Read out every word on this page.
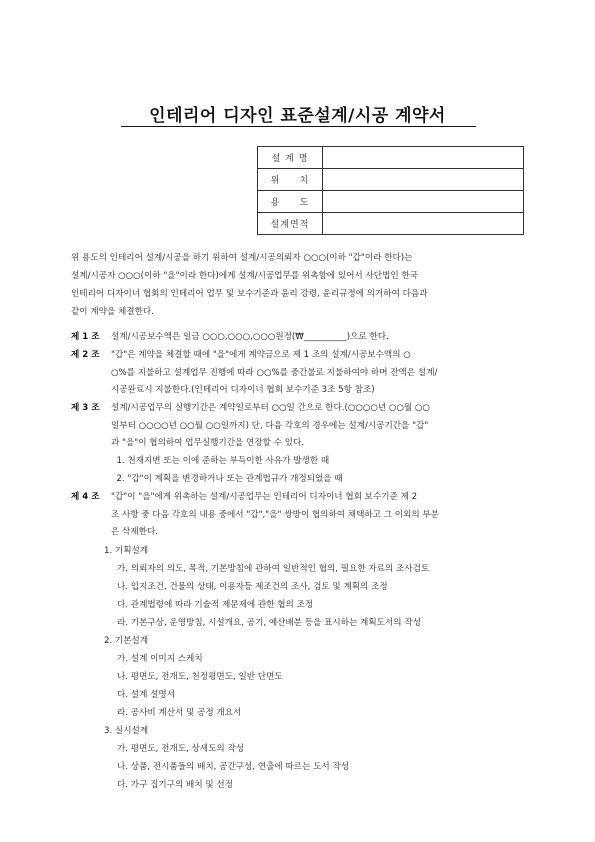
인테리어 디자인 표준설계/시공 계약서
설 계 명	
위     치	
용     도	
설계면적	
위 용도의 인테리어 설계/시공을 하기 위하여 설계/시공의뢰자 ○○○(이하 "갑"이라 한다)는
설계/시공자 ○○○(이하 "을"이라 한다)에게 설계/시공업무를 위촉함에 있어서 사단법인 한국
인테리어 디자이너 협회의 인테리어 업무 및 보수기준과 윤리 강령, 윤리규정에 의거하여 다음과
같이 계약을 체결한다.
제 1 조	설계/시공보수액은 일금 ○○○,○○○,○○○원정(₩__________)으로 한다.
제 2 조	"갑"은 계약을 체결할 때에 "을"에게 계약금으로 제 1 조의 설계/시공보수액의 ○
○%를 지불하고 설계업무 진행에 따라 ○○%를 중간불로 지불하여야 하며 잔액은 설계/
시공완료시 지불한다.(인테리어 디자이너 협회 보수기준 3조 5항 참조)
제 3 조	설계/시공업무의 실행기간은 계약일로부터 ○○일 간으로 한다.(○○○○년 ○○월 ○○
일부터 ○○○○년 ○○월 ○○일까지) 단, 다음 각호의 경우에는 설계/시공기간을 "갑"
과 "을"이 협의하여 업무실행기간을 연장할 수 있다.
1. 천재지변 또는 이에 준하는 부득이한 사유가 발생한 때
2. "갑"이 계획을 변경하거나 또는 관계법규가 개정되었을 때
제 4 조	"갑"이 "을"에게 위촉하는 설계/시공업무는 인테리어 디자이너 협회 보수기준 제 2
조 사항 중 다음 각호의 내용 중에서 "갑","을" 쌍방이 협의하여 채택하고 그 이외의 부분
은 삭제한다.
1. 기획설계
가. 의뢰자의 의도, 목적, 기본방침에 관하여 일반적인 협의, 필요한 자료의 조사검토
나. 입지조건, 건물의 상태, 이용자등 제조건의 조사, 검토 및 계획의 조정
다. 관계법령에 따라 기술적 제문제에 관한 협의 조정
라. 기본구상, 운영방침, 시설개요, 공기, 예산배분 등을 표시하는 계획도서의 작성
2. 기본설계
가. 설계 이미지 스케치
나. 평면도, 전개도, 천정평면도, 일반 단면도
다. 설계 설명서
라. 공사비 계산서 및 공정 개요서
3. 실시설계
가. 평면도, 전개도, 상세도의 작성
나. 상품, 전시품들의 배치, 공간구성, 연출에 따르는 도서 작성
다. 가구 집기구의 배치 및 선정
